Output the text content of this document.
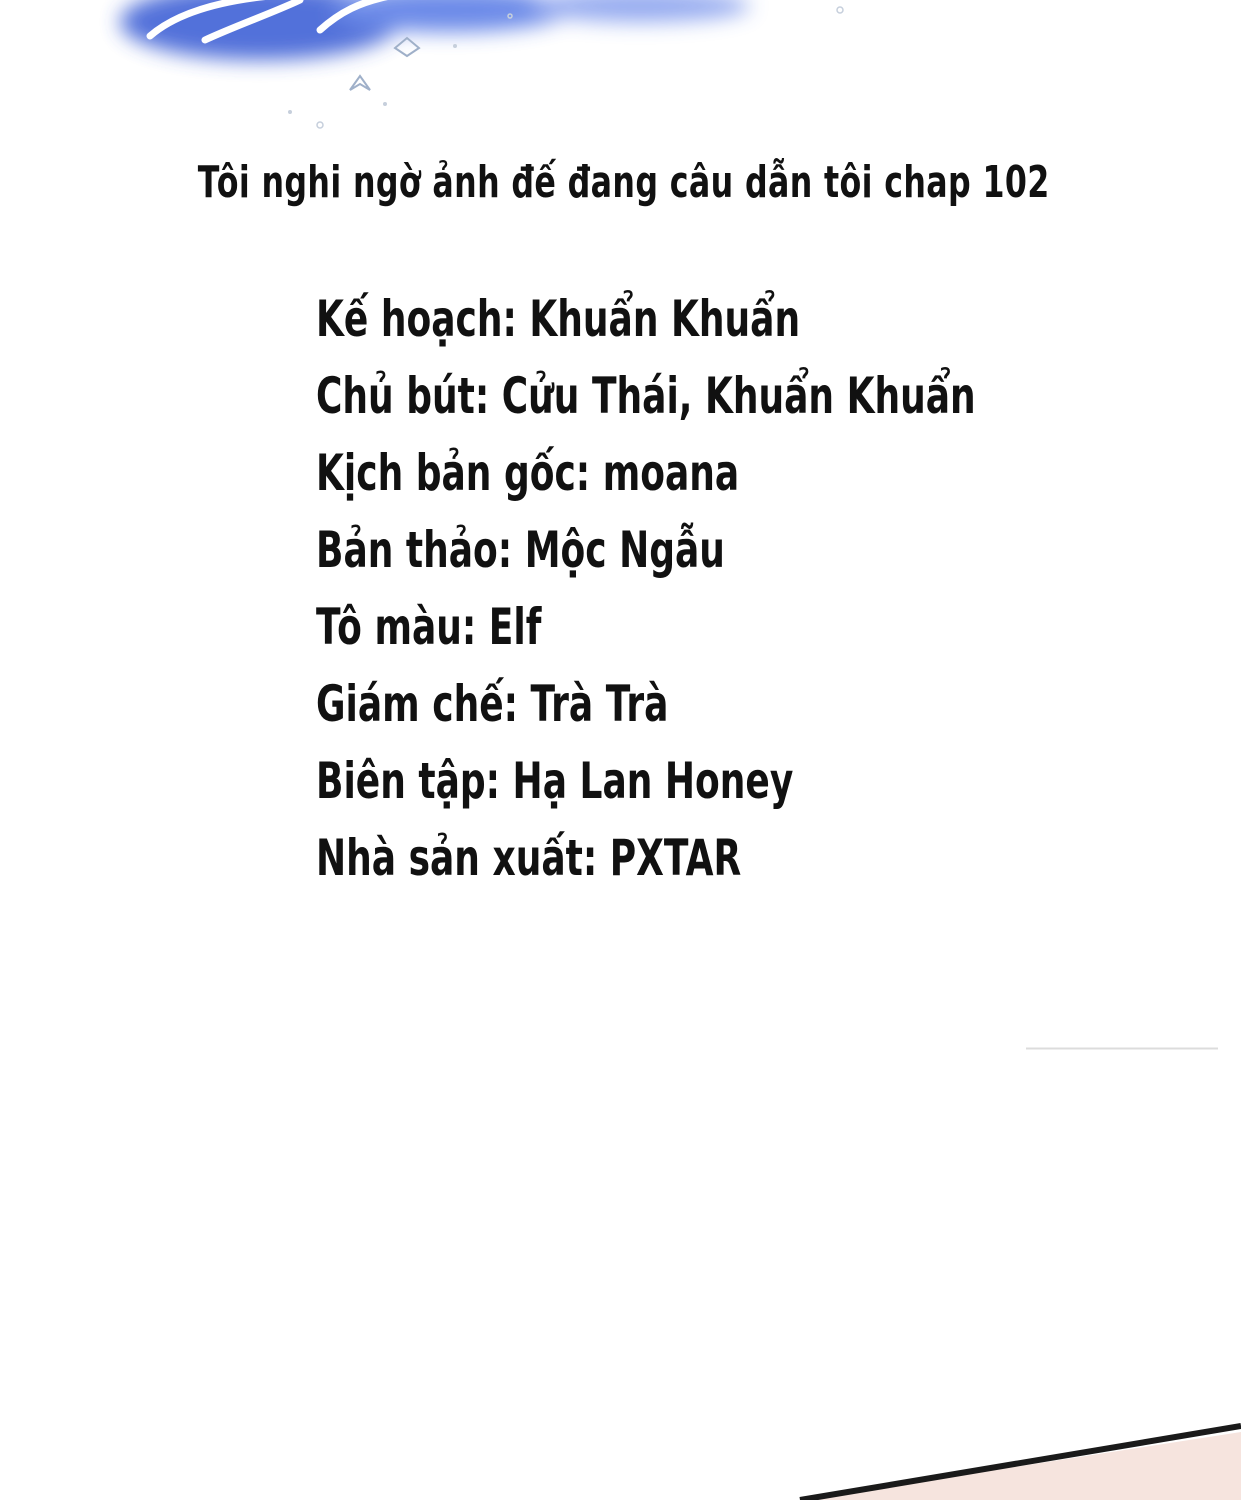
Tôi nghi ngờ ảnh đế đang câu dẫn tôi chap 102
Kế hoạch: Khuẩn Khuẩn
Chủ bút: Cửu Thái, Khuẩn Khuẩn
Kịch bản gốc: moana
Bản thảo: Mộc Ngẫu
Tô màu: Elf
Giám chế: Trà Trà
Biên tập: Hạ Lan Honey
Nhà sản xuất: PXTAR
